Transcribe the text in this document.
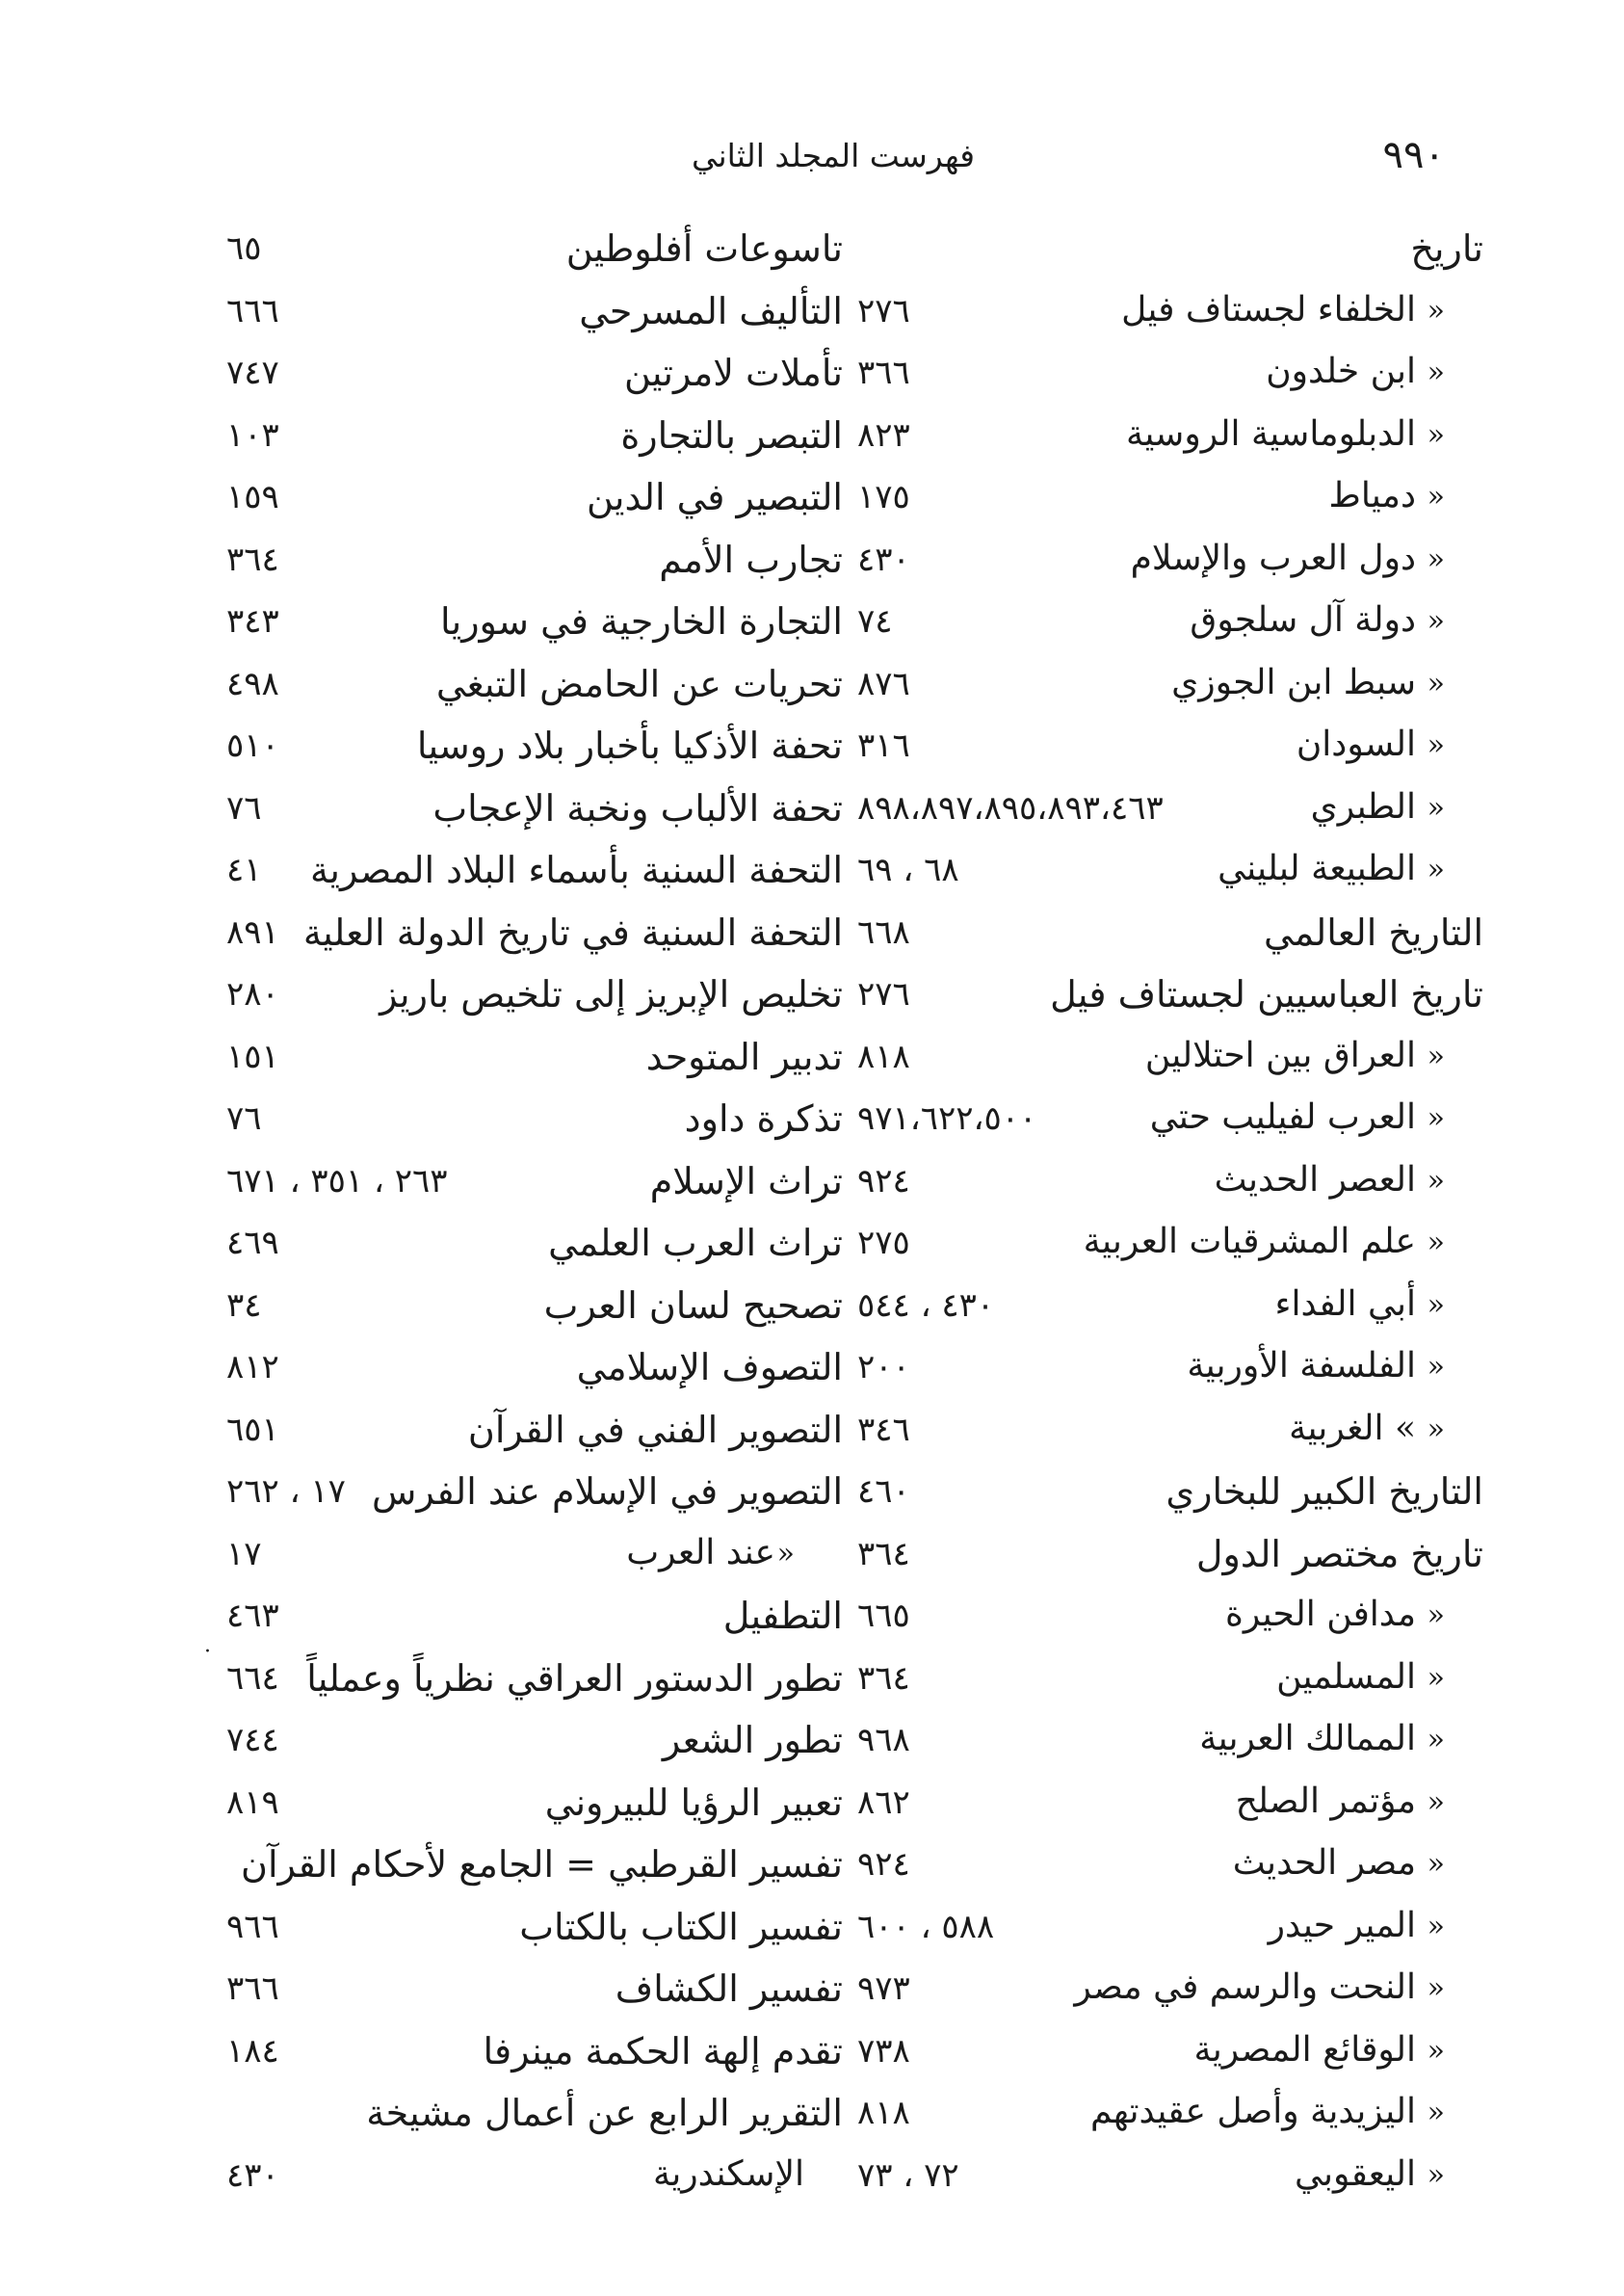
٩٩٠
فهرست المجلد الثاني
تاريخ
«
الخلفاء لجستاف فيل
٢٧٦
«
ابن خلدون
٣٦٦
«
الدبلوماسية الروسية
٨٢٣
«
دمياط
١٧٥
«
دول العرب والإسلام
٤٣٠
«
دولة آل سلجوق
٧٤
«
سبط ابن الجوزي
٨٧٦
«
السودان
٣١٦
«
الطبري
٨٩٨،٨٩٧،٨٩٥،٨٩٣،٤٦٣
«
الطبيعة لبليني
٦٨ ، ٦٩
التاريخ العالمي
٦٦٨
تاريخ العباسيين لجستاف فيل
٢٧٦
«
العراق بين احتلالين
٨١٨
«
العرب لفيليب حتي
٩٧١،٦٢٢،٥٠٠
«
العصر الحديث
٩٢٤
«
علم المشرقيات العربية
٢٧٥
«
أبي الفداء
٤٣٠ ، ٥٤٤
«
الفلسفة الأوربية
٢٠٠
«
» الغربية
٣٤٦
التاريخ الكبير للبخاري
٤٦٠
تاريخ مختصر الدول
٣٦٤
«
مدافن الحيرة
٦٦٥
«
المسلمين
٣٦٤
«
الممالك العربية
٩٦٨
«
مؤتمر الصلح
٨٦٢
«
مصر الحديث
٩٢٤
«
المير حيدر
٥٨٨ ، ٦٠٠
«
النحت والرسم في مصر
٩٧٣
«
الوقائع المصرية
٧٣٨
«
اليزيدية وأصل عقيدتهم
٨١٨
«
اليعقوبي
٧٢ ، ٧٣
تاسوعات أفلوطين
٦٥
التأليف المسرحي
٦٦٦
تأملات لامرتين
٧٤٧
التبصر بالتجارة
١٠٣
التبصير في الدين
١٥٩
تجارب الأمم
٣٦٤
التجارة الخارجية في سوريا
٣٤٣
تحريات عن الحامض التبغي
٤٩٨
تحفة الأذكيا بأخبار بلاد روسيا
٥١٠
تحفة الألباب ونخبة الإعجاب
٧٦
التحفة السنية بأسماء البلاد المصرية
٤١
التحفة السنية في تاريخ الدولة العلية
٨٩١
تخليص الإبريز إلى تلخيص باريز
٢٨٠
تدبير المتوحد
١٥١
تذكرة داود
٧٦
تراث الإسلام
٢٦٣ ، ٣٥١ ، ٦٧١
تراث العرب العلمي
٤٦٩
تصحيح لسان العرب
٣٤
التصوف الإسلامي
٨١٢
التصوير الفني في القرآن
٦٥١
التصوير في الإسلام عند الفرس
١٧ ، ٢٦٢
«
عند العرب
١٧
التطفيل
٤٦٣
تطور الدستور العراقي نظرياً وعملياً
٦٦٤
تطور الشعر
٧٤٤
تعبير الرؤيا للبيروني
٨١٩
تفسير القرطبي = الجامع لأحكام القرآن
تفسير الكتاب بالكتاب
٩٦٦
تفسير الكشاف
٣٦٦
تقدم إلهة الحكمة مينرفا
١٨٤
التقرير الرابع عن أعمال مشيخة
الإسكندرية
٤٣٠
·
